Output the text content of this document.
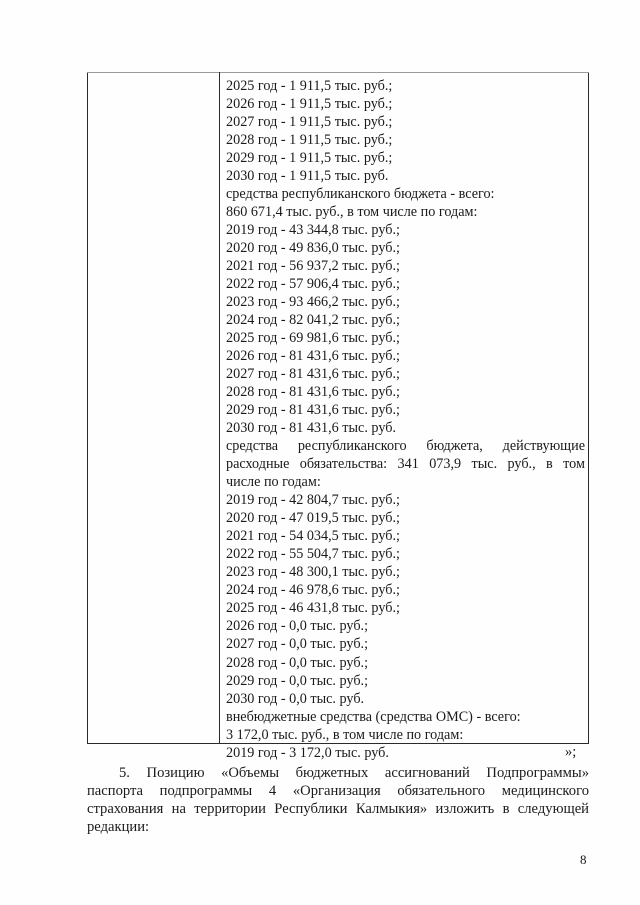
2025 год - 1 911,5 тыс. руб.;
2026 год - 1 911,5 тыс. руб.;
2027 год - 1 911,5 тыс. руб.;
2028 год - 1 911,5 тыс. руб.;
2029 год - 1 911,5 тыс. руб.;
2030 год - 1 911,5 тыс. руб.
средства республиканского бюджета - всего:
860 671,4 тыс. руб., в том числе по годам:
2019 год - 43 344,8 тыс. руб.;
2020 год - 49 836,0 тыс. руб.;
2021 год - 56 937,2 тыс. руб.;
2022 год - 57 906,4 тыс. руб.;
2023 год - 93 466,2 тыс. руб.;
2024 год - 82 041,2 тыс. руб.;
2025 год - 69 981,6 тыс. руб.;
2026 год - 81 431,6 тыс. руб.;
2027 год - 81 431,6 тыс. руб.;
2028 год - 81 431,6 тыс. руб.;
2029 год - 81 431,6 тыс. руб.;
2030 год - 81 431,6 тыс. руб.
средства республиканского бюджета, действующие
расходные обязательства: 341 073,9 тыс. руб., в том
числе по годам:
2019 год - 42 804,7 тыс. руб.;
2020 год - 47 019,5 тыс. руб.;
2021 год - 54 034,5 тыс. руб.;
2022 год - 55 504,7 тыс. руб.;
2023 год - 48 300,1 тыс. руб.;
2024 год - 46 978,6 тыс. руб.;
2025 год - 46 431,8 тыс. руб.;
2026 год - 0,0 тыс. руб.;
2027 год - 0,0 тыс. руб.;
2028 год - 0,0 тыс. руб.;
2029 год - 0,0 тыс. руб.;
2030 год - 0,0 тыс. руб.
внебюджетные средства (средства ОМС) - всего:
3 172,0 тыс. руб., в том числе по годам:
2019 год - 3 172,0 тыс. руб.	»;
5. Позицию «Объемы бюджетных ассигнований Подпрограммы»
паспорта подпрограммы 4 «Организация обязательного медицинского
страхования на территории Республики Калмыкия» изложить в следующей
редакции:
8
